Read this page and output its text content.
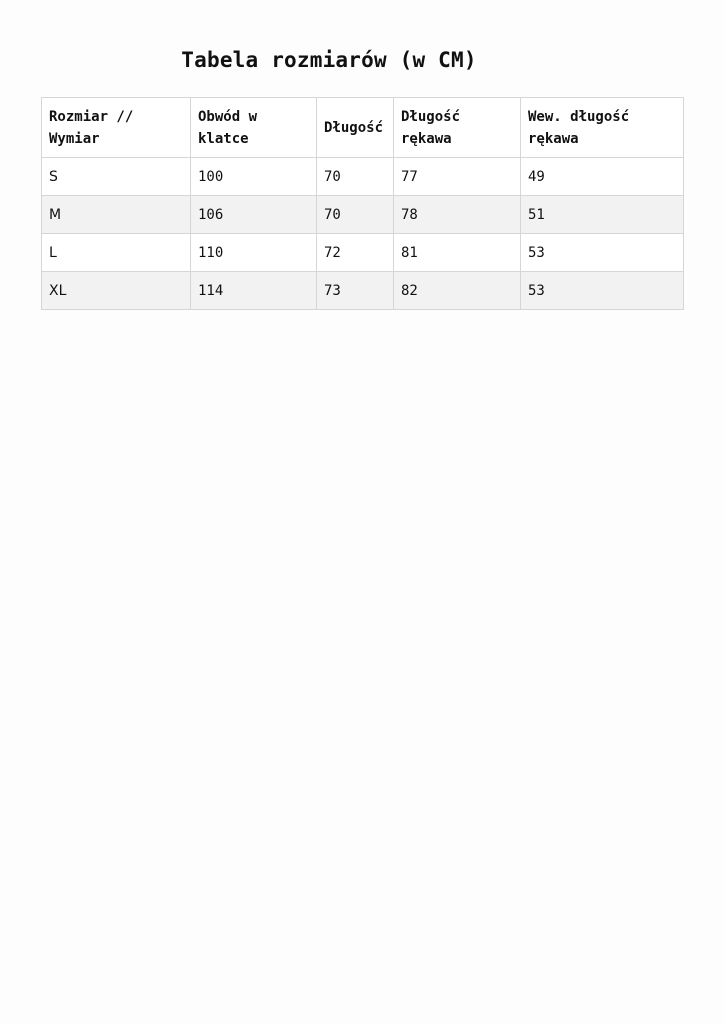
Tabela rozmiarów (w CM)
Rozmiar // Wymiar	Obwód w klatce	Długość	Długość rękawa	Wew. długość rękawa
S	100	70	77	49
M	106	70	78	51
L	110	72	81	53
XL	114	73	82	53
